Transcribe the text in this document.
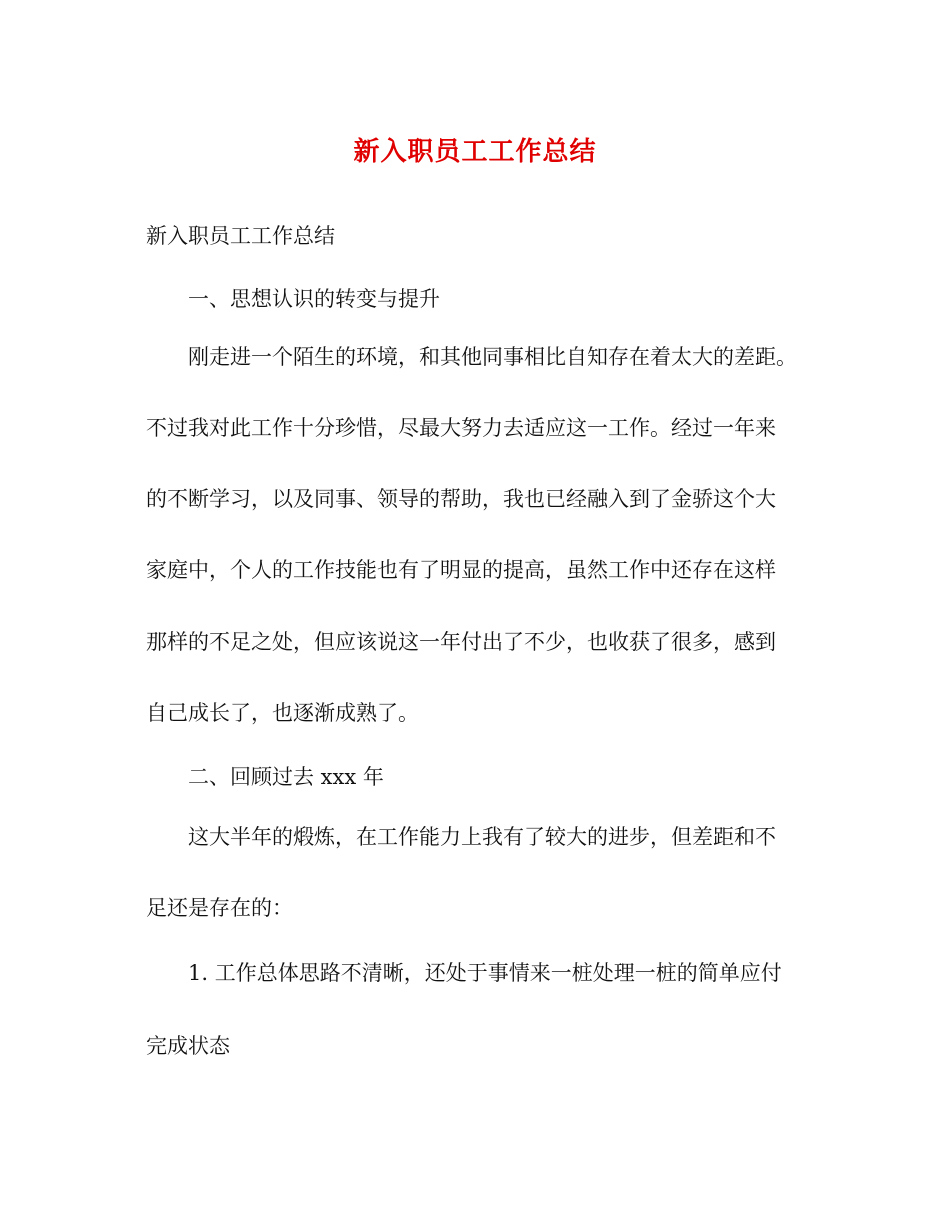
新入职员工工作总结

新入职员工工作总结

一、思想认识的转变与提升

刚走进一个陌生的环境，和其他同事相比自知存在着太大的差距。

不过我对此工作十分珍惜，尽最大努力去适应这一工作。经过一年来

的不断学习，以及同事、领导的帮助，我也已经融入到了金骄这个大

家庭中，个人的工作技能也有了明显的提高，虽然工作中还存在这样

那样的不足之处，但应该说这一年付出了不少，也收获了很多，感到

自己成长了，也逐渐成熟了。

二、回顾过去 xxx 年

这大半年的煅炼，在工作能力上我有了较大的进步，但差距和不

足还是存在的：

1. 工作总体思路不清晰，还处于事情来一桩处理一桩的简单应付

完成状态
